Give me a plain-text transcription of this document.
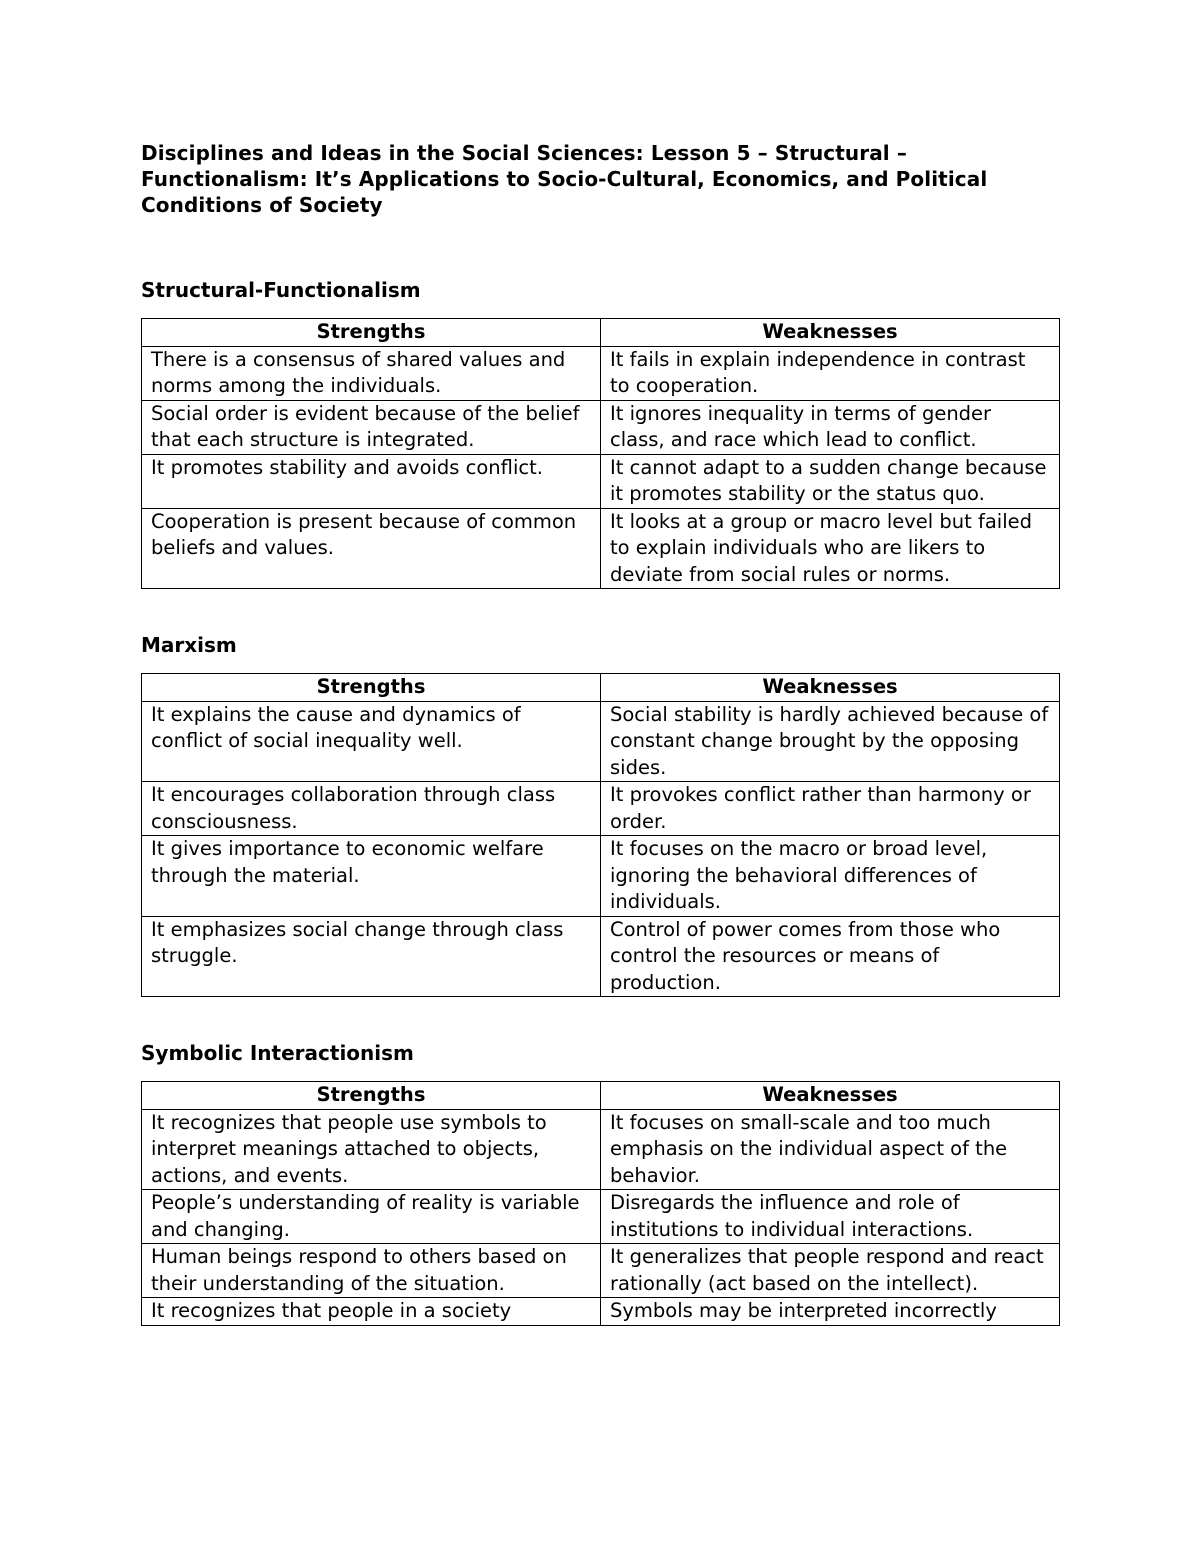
Disciplines and Ideas in the Social Sciences: Lesson 5 – Structural – Functionalism: It’s Applications to Socio-Cultural, Economics, and Political Conditions of Society
Structural-Functionalism
Strengths	Weaknesses
There is a consensus of shared values and norms among the individuals.	It fails in explain independence in contrast to cooperation.
Social order is evident because of the belief that each structure is integrated.	It ignores inequality in terms of gender class, and race which lead to conflict.
It promotes stability and avoids conflict.	It cannot adapt to a sudden change because it promotes stability or the status quo.
Cooperation is present because of common beliefs and values.	It looks at a group or macro level but failed to explain individuals who are likers to deviate from social rules or norms.
Marxism
Strengths	Weaknesses
It explains the cause and dynamics of conflict of social inequality well.	Social stability is hardly achieved because of constant change brought by the opposing sides.
It encourages collaboration through class consciousness.	It provokes conflict rather than harmony or order.
It gives importance to economic welfare through the material.	It focuses on the macro or broad level, ignoring the behavioral differences of individuals.
It emphasizes social change through class struggle.	Control of power comes from those who control the resources or means of production.
Symbolic Interactionism
Strengths	Weaknesses
It recognizes that people use symbols to interpret meanings attached to objects, actions, and events.	It focuses on small-scale and too much emphasis on the individual aspect of the behavior.
People’s understanding of reality is variable and changing.	Disregards the influence and role of institutions to individual interactions.
Human beings respond to others based on their understanding of the situation.	It generalizes that people respond and react rationally (act based on the intellect).
It recognizes that people in a society	Symbols may be interpreted incorrectly
